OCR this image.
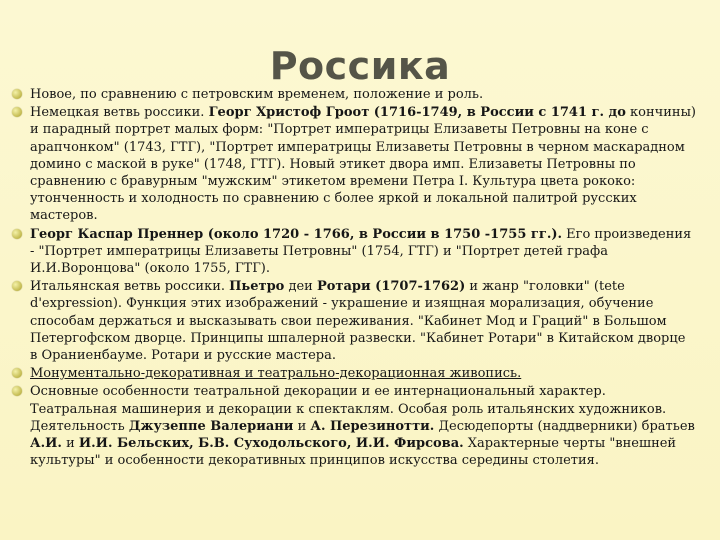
Россика
Новое, по сравнению с петровским временем, положение и роль.
Немецкая ветвь россики. Георг Христоф Гроот (1716-1749, в России с 1741 г. до кончины) и парадный портрет малых форм: "Портрет императрицы Елизаветы Петровны на коне с арапчонком" (1743, ГТГ), "Портрет императрицы Елизаветы Петровны в черном маскарадном домино с маской в руке" (1748, ГТГ). Новый этикет двора имп. Елизаветы Петровны по сравнению с бравурным "мужским" этикетом времени Петра I. Культура цвета рококо: утонченность и холодность по сравнению с более яркой и локальной палитрой русских мастеров.
Георг Каспар Преннер (около 1720 - 1766, в России в 1750 -1755 гг.). Его произведения - "Портрет императрицы Елизаветы Петровны" (1754, ГТГ) и "Портрет детей графа И.И.Воронцова" (около 1755, ГТГ).
Итальянская ветвь россики. Пьетро деи Ротари (1707-1762) и жанр "головки" (tete d'expression). Функция этих изображений - украшение и изящная морализация, обучение способам держаться и высказывать свои переживания. "Кабинет Мод и Граций" в Большом Петергофском дворце. Принципы шпалерной развески. "Кабинет Ротари" в Китайском дворце в Ораниенбауме. Ротари и русские мастера.
Монументально-декоративная и театрально-декорационная живопись.
Основные особенности театральной декорации и ее интернациональный характер. Театральная машинерия и декорации к спектаклям. Особая роль итальянских художников. Деятельность Джузеппе Валериани и А. Перезинотти. Десюдепорты (наддверники) братьев А.И. и И.И. Бельских, Б.В. Суходольского, И.И. Фирсова. Характерные черты "внешней культуры" и особенности декоративных принципов искусства середины столетия.
